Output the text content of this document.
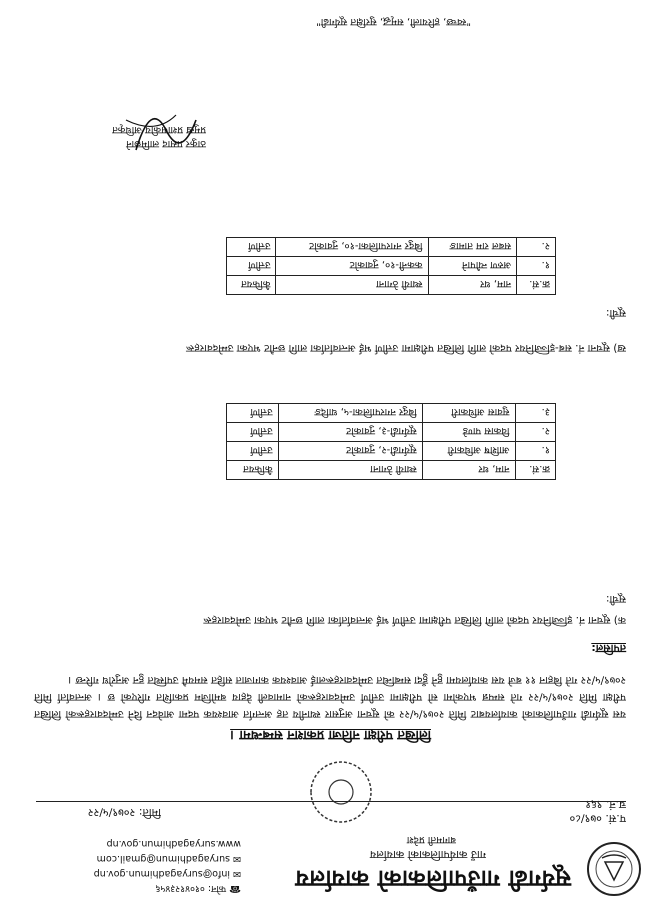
सूर्यगढी गाउँपालिकाको कार्यालय
गाउँ कार्यपालिकाको कार्यालय
बागमती प्रदेश
☎ फोन: ०१०४१२३४५६
✉ info@suryagadhimun.gov.np
✉ suryagadhimun@gmail.com
www.suryagadhimun.gov.np
प.सं. ०७९/८०
च.नं. ९६१
मिति: २०७९/५/२२
लिखित परीक्षा नतिजा प्रकाशन सम्बन्धमा ।
यस सूर्यगढी गाउँपालिकाको कार्यालयबाट मिति २०७९/५/२२ को सूचना अनुसार स्थानीय तह अन्तर्गत आवश्यक पदमा आवेदन दिने उम्मेदवारहरूको लिखित परीक्षा मिति २०७९/५/२२ गते सम्पन्न भएकोमा सो परीक्षामा उत्तीर्ण उम्मेदवारहरूको नामावली देहाय बमोजिम प्रकाशित गरिएको छ । अन्तर्वार्ता मिति २०७९/५/२२ गते बिहान ११ बजे यस कार्यालयमा हुने हुँदा सम्बन्धित उम्मेदवारहरूलाई आवश्यक कागजात सहित समयमै उपस्थित हुन अनुरोध गरिन्छ ।
तपसिल:
क) सूचना नं. इञ्जिनियर पदको लागि लिखित परीक्षामा उत्तीर्ण भई अन्तर्वार्ताका लागि छनौट भएका उम्मेदवारहरू
सूची:
क्र.सं.	नाम, थर	स्थायी ठेगाना	कैफियत
१.	आशिष अधिकारी	सूर्यगढी-२, नुवाकोट	उत्तीर्ण
२.	विकास पाण्डे	सूर्यगढी-३, नुवाकोट	उत्तीर्ण
३.	सुवास अधिकारी	बिदुर नगरपालिका-५, धादिङ	उत्तीर्ण
ख) सूचना नं. सब-इञ्जिनियर पदको लागि लिखित परीक्षामा उत्तीर्ण भई अन्तर्वार्ताका लागि छनौट भएका उम्मेदवारहरू
सूची:
क्र.सं.	नाम, थर	स्थायी ठेगाना	कैफियत
१.	अरुण न्यौपाने	ककनी-१०, नुवाकोट	उत्तीर्ण
२.	सबल राम तामाङ	बिदुर नगरपालिका-१०, नुवाकोट	उत्तीर्ण
ठाकुर प्रसाद लामिछाने
प्रमुख प्रशासकीय अधिकृत
"स्वच्छ, हरियाली, समृद्ध, सुरक्षित सूर्यगढी"
